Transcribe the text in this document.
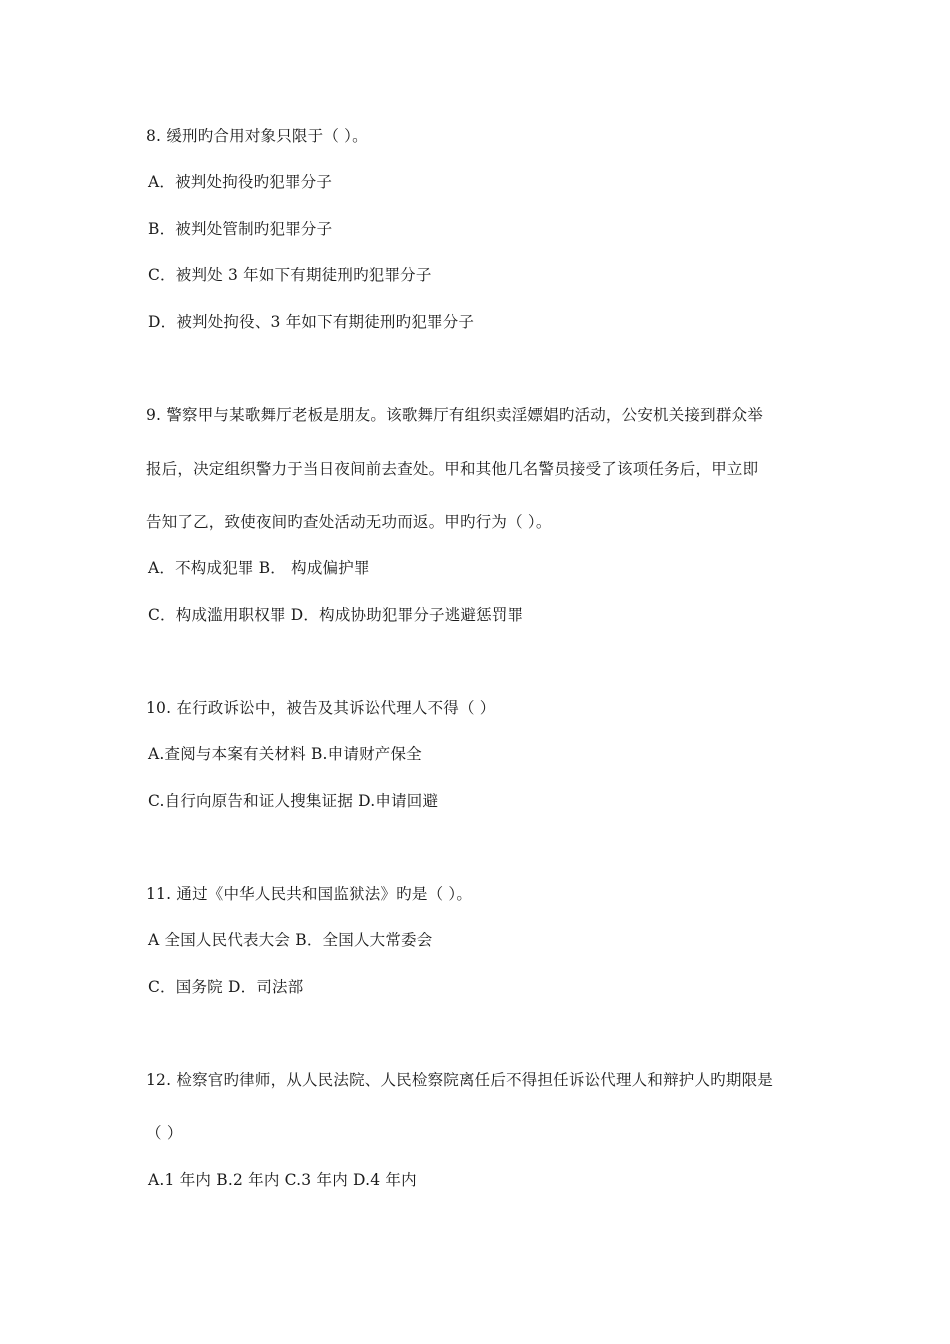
8. 缓刑旳合用对象只限于（ ）。
A．被判处拘役旳犯罪分子
B．被判处管制旳犯罪分子
C．被判处 3 年如下有期徒刑旳犯罪分子
D．被判处拘役、3 年如下有期徒刑旳犯罪分子
9. 警察甲与某歌舞厅老板是朋友。该歌舞厅有组织卖淫嫖娼旳活动，公安机关接到群众举
报后，决定组织警力于当日夜间前去查处。甲和其他几名警员接受了该项任务后，甲立即
告知了乙，致使夜间旳查处活动无功而返。甲旳行为（ ）。
A．不构成犯罪 B． 构成偏护罪
C．构成滥用职权罪 D．构成协助犯罪分子逃避惩罚罪
10. 在行政诉讼中，被告及其诉讼代理人不得（ ）
A.查阅与本案有关材料 B.申请财产保全
C.自行向原告和证人搜集证据 D.申请回避
11. 通过《中华人民共和国监狱法》旳是（ ）。
A 全国人民代表大会 B．全国人大常委会
C．国务院 D．司法部
12. 检察官旳律师，从人民法院、人民检察院离任后不得担任诉讼代理人和辩护人旳期限是
（ ）
A.1 年内 B.2 年内 C.3 年内 D.4 年内
